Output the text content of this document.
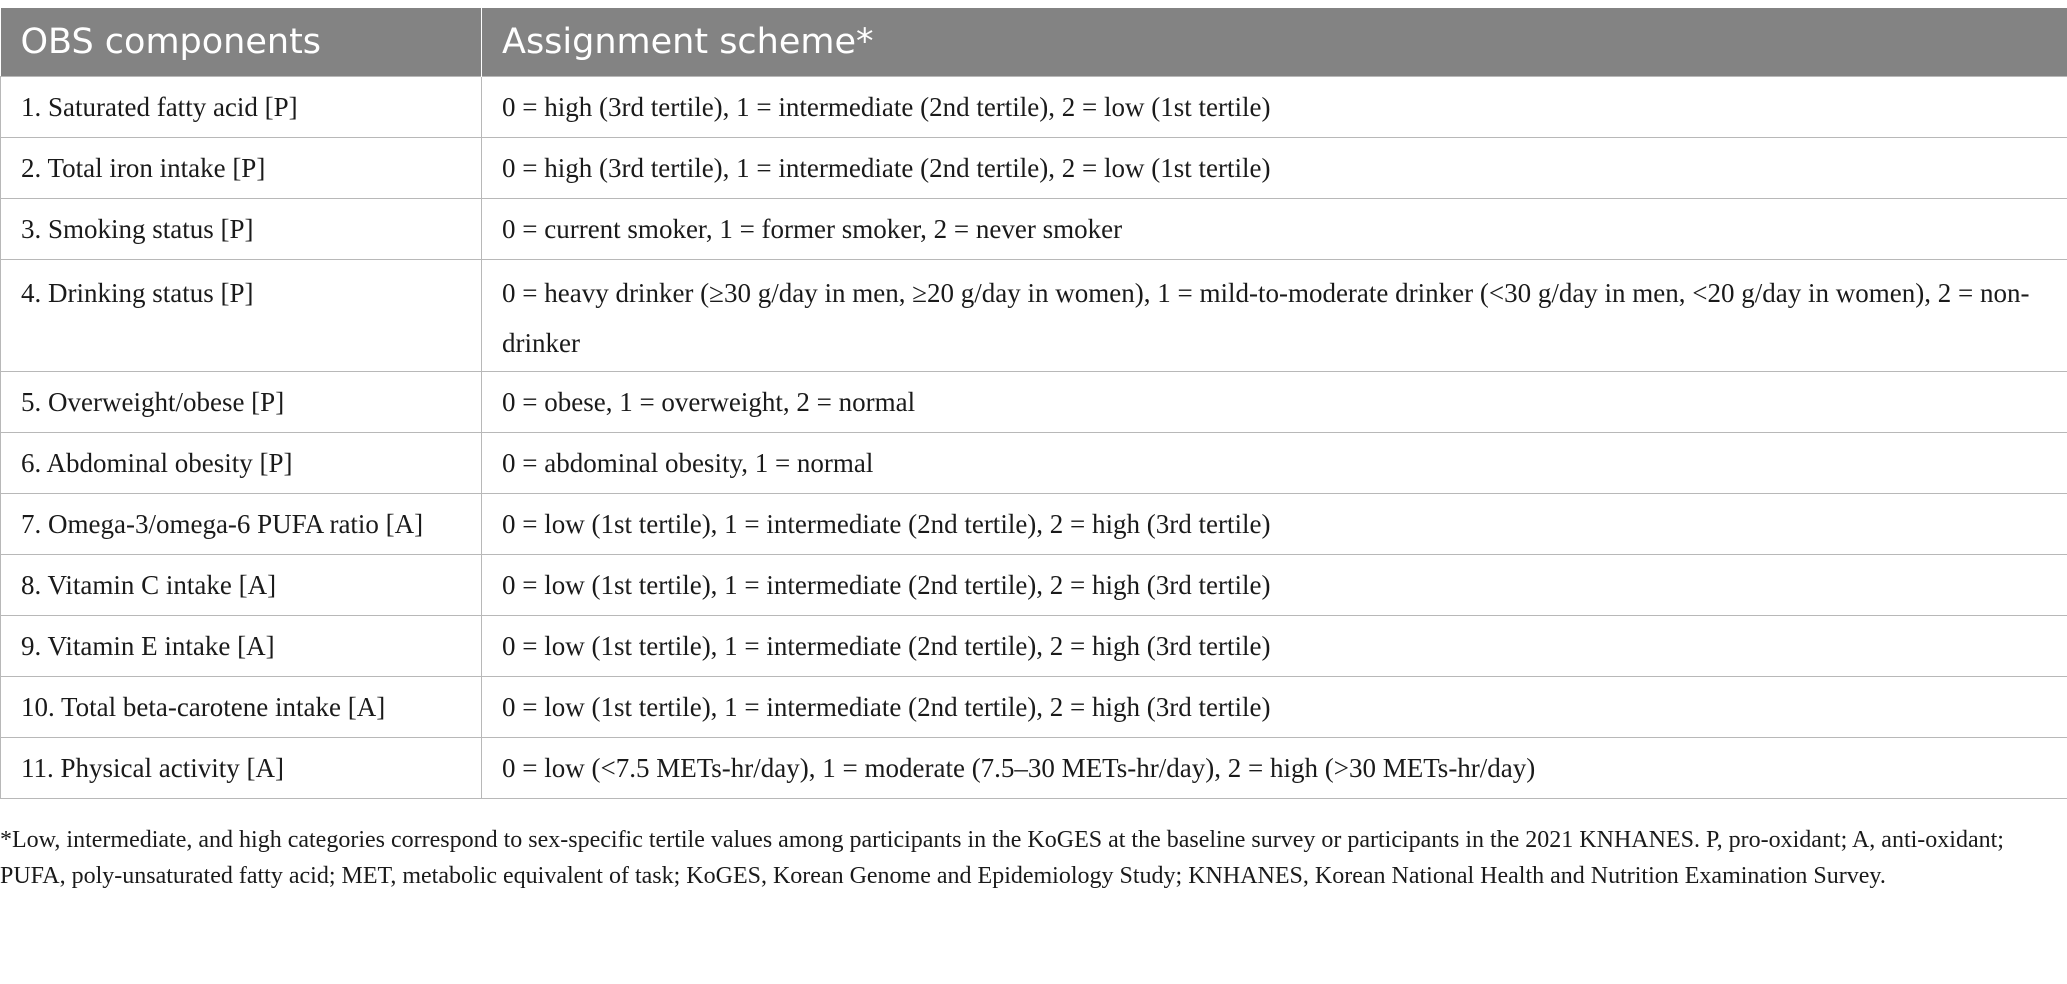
OBS components	Assignment scheme*
1. Saturated fatty acid [P]	0 = high (3rd tertile), 1 = intermediate (2nd tertile), 2 = low (1st tertile)
2. Total iron intake [P]	0 = high (3rd tertile), 1 = intermediate (2nd tertile), 2 = low (1st tertile)
3. Smoking status [P]	0 = current smoker, 1 = former smoker, 2 = never smoker
4. Drinking status [P]	0 = heavy drinker (≥30 g/day in men, ≥20 g/day in women), 1 = mild-to-moderate drinker (<30 g/day in men, <20 g/day in women), 2 = non-drinker
5. Overweight/obese [P]	0 = obese, 1 = overweight, 2 = normal
6. Abdominal obesity [P]	0 = abdominal obesity, 1 = normal
7. Omega-3/omega-6 PUFA ratio [A]	0 = low (1st tertile), 1 = intermediate (2nd tertile), 2 = high (3rd tertile)
8. Vitamin C intake [A]	0 = low (1st tertile), 1 = intermediate (2nd tertile), 2 = high (3rd tertile)
9. Vitamin E intake [A]	0 = low (1st tertile), 1 = intermediate (2nd tertile), 2 = high (3rd tertile)
10. Total beta-carotene intake [A]	0 = low (1st tertile), 1 = intermediate (2nd tertile), 2 = high (3rd tertile)
11. Physical activity [A]	0 = low (<7.5 METs-hr/day), 1 = moderate (7.5–30 METs-hr/day), 2 = high (>30 METs-hr/day)

*Low, intermediate, and high categories correspond to sex-specific tertile values among participants in the KoGES at the baseline survey or participants in the 2021 KNHANES. P, pro-oxidant; A, anti-oxidant; PUFA, poly-unsaturated fatty acid; MET, metabolic equivalent of task; KoGES, Korean Genome and Epidemiology Study; KNHANES, Korean National Health and Nutrition Examination Survey.
